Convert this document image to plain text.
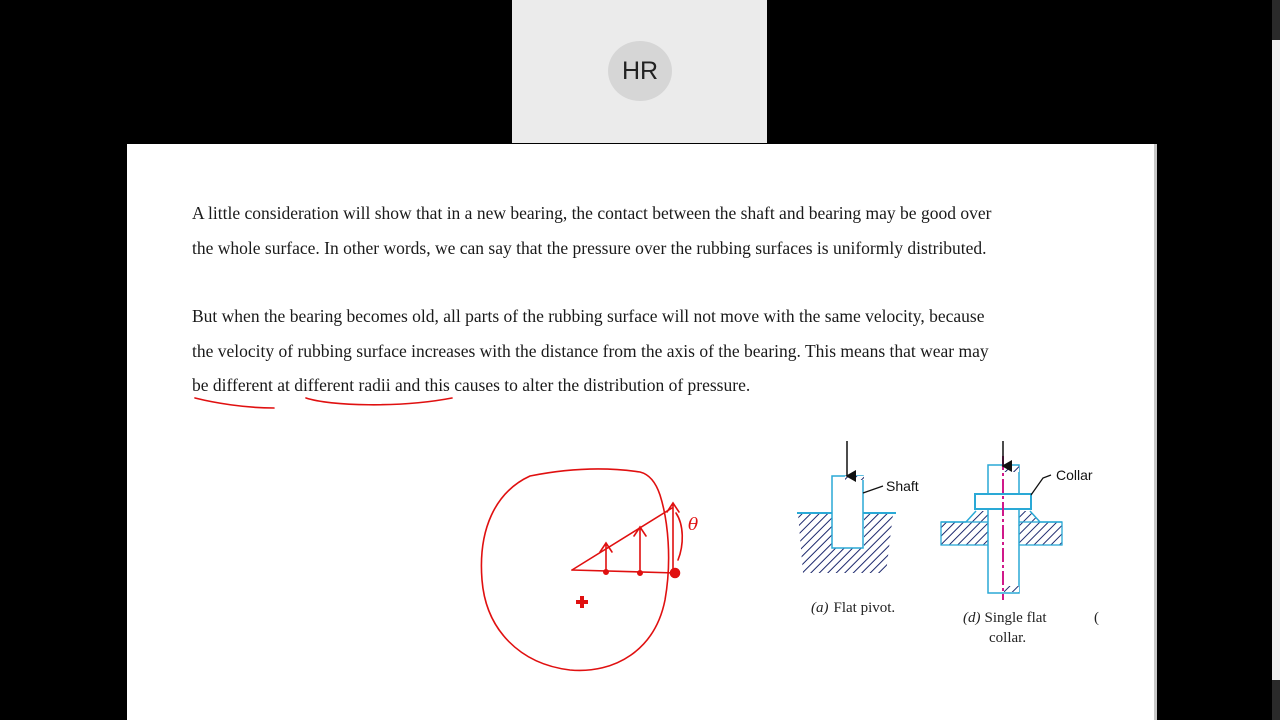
HR

A little consideration will show that in a new bearing, the contact between the shaft and bearing may be good over
the whole surface. In other words, we can say that the pressure over the rubbing surfaces is uniformly distributed.

But when the bearing becomes old, all parts of the rubbing surface will not move with the same velocity, because
the velocity of rubbing surface increases with the distance from the axis of the bearing. This means that wear may
be different at different radii and this causes to alter the distribution of pressure.

Shaft
(a) Flat pivot.
Collar
(d) Single flat
collar.
(
θ
